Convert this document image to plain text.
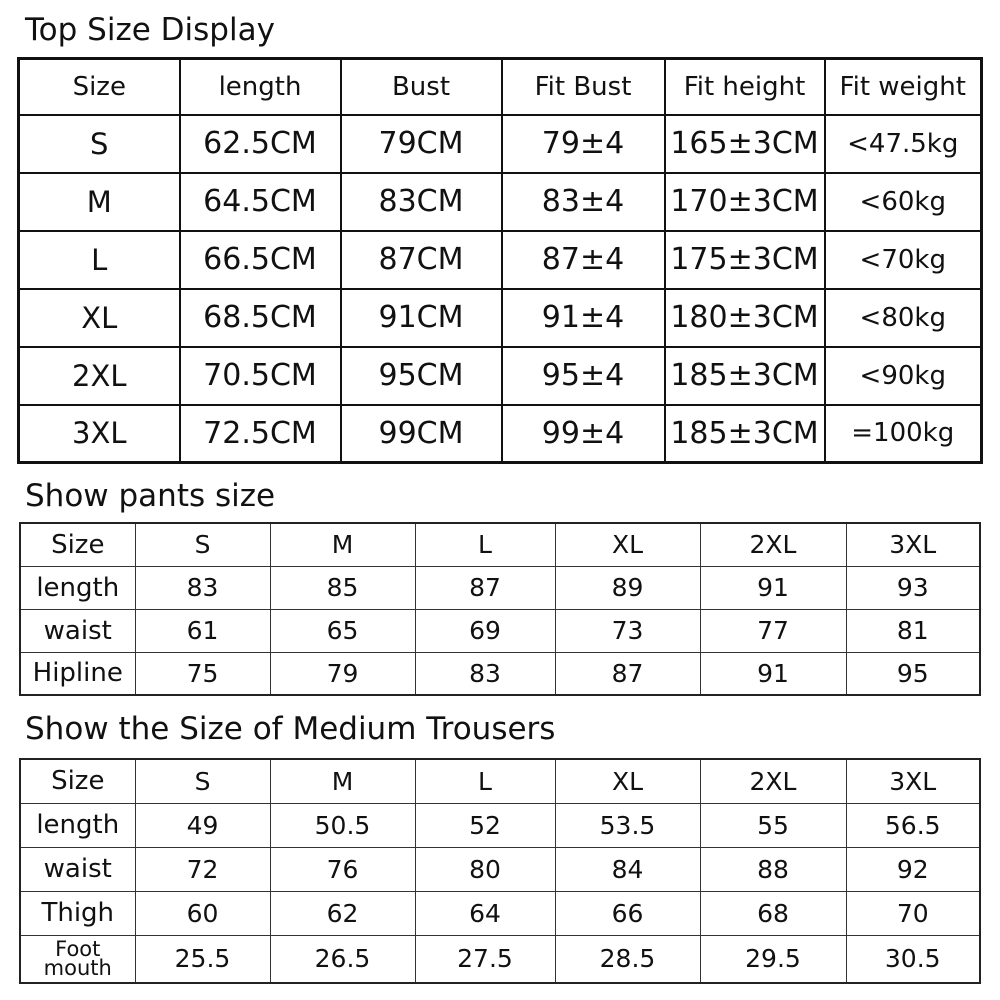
Top Size Display
Size	length	Bust	Fit Bust	Fit height	Fit weight
S	62.5CM	79CM	79±4	165±3CM	<47.5kg
M	64.5CM	83CM	83±4	170±3CM	<60kg
L	66.5CM	87CM	87±4	175±3CM	<70kg
XL	68.5CM	91CM	91±4	180±3CM	<80kg
2XL	70.5CM	95CM	95±4	185±3CM	<90kg
3XL	72.5CM	99CM	99±4	185±3CM	=100kg
Show pants size
Size	S	M	L	XL	2XL	3XL
length	83	85	87	89	91	93
waist	61	65	69	73	77	81
Hipline	75	79	83	87	91	95
Show the Size of Medium Trousers
Size	S	M	L	XL	2XL	3XL
length	49	50.5	52	53.5	55	56.5
waist	72	76	80	84	88	92
Thigh	60	62	64	66	68	70

Foot
mouth	25.5	26.5	27.5	28.5	29.5	30.5
